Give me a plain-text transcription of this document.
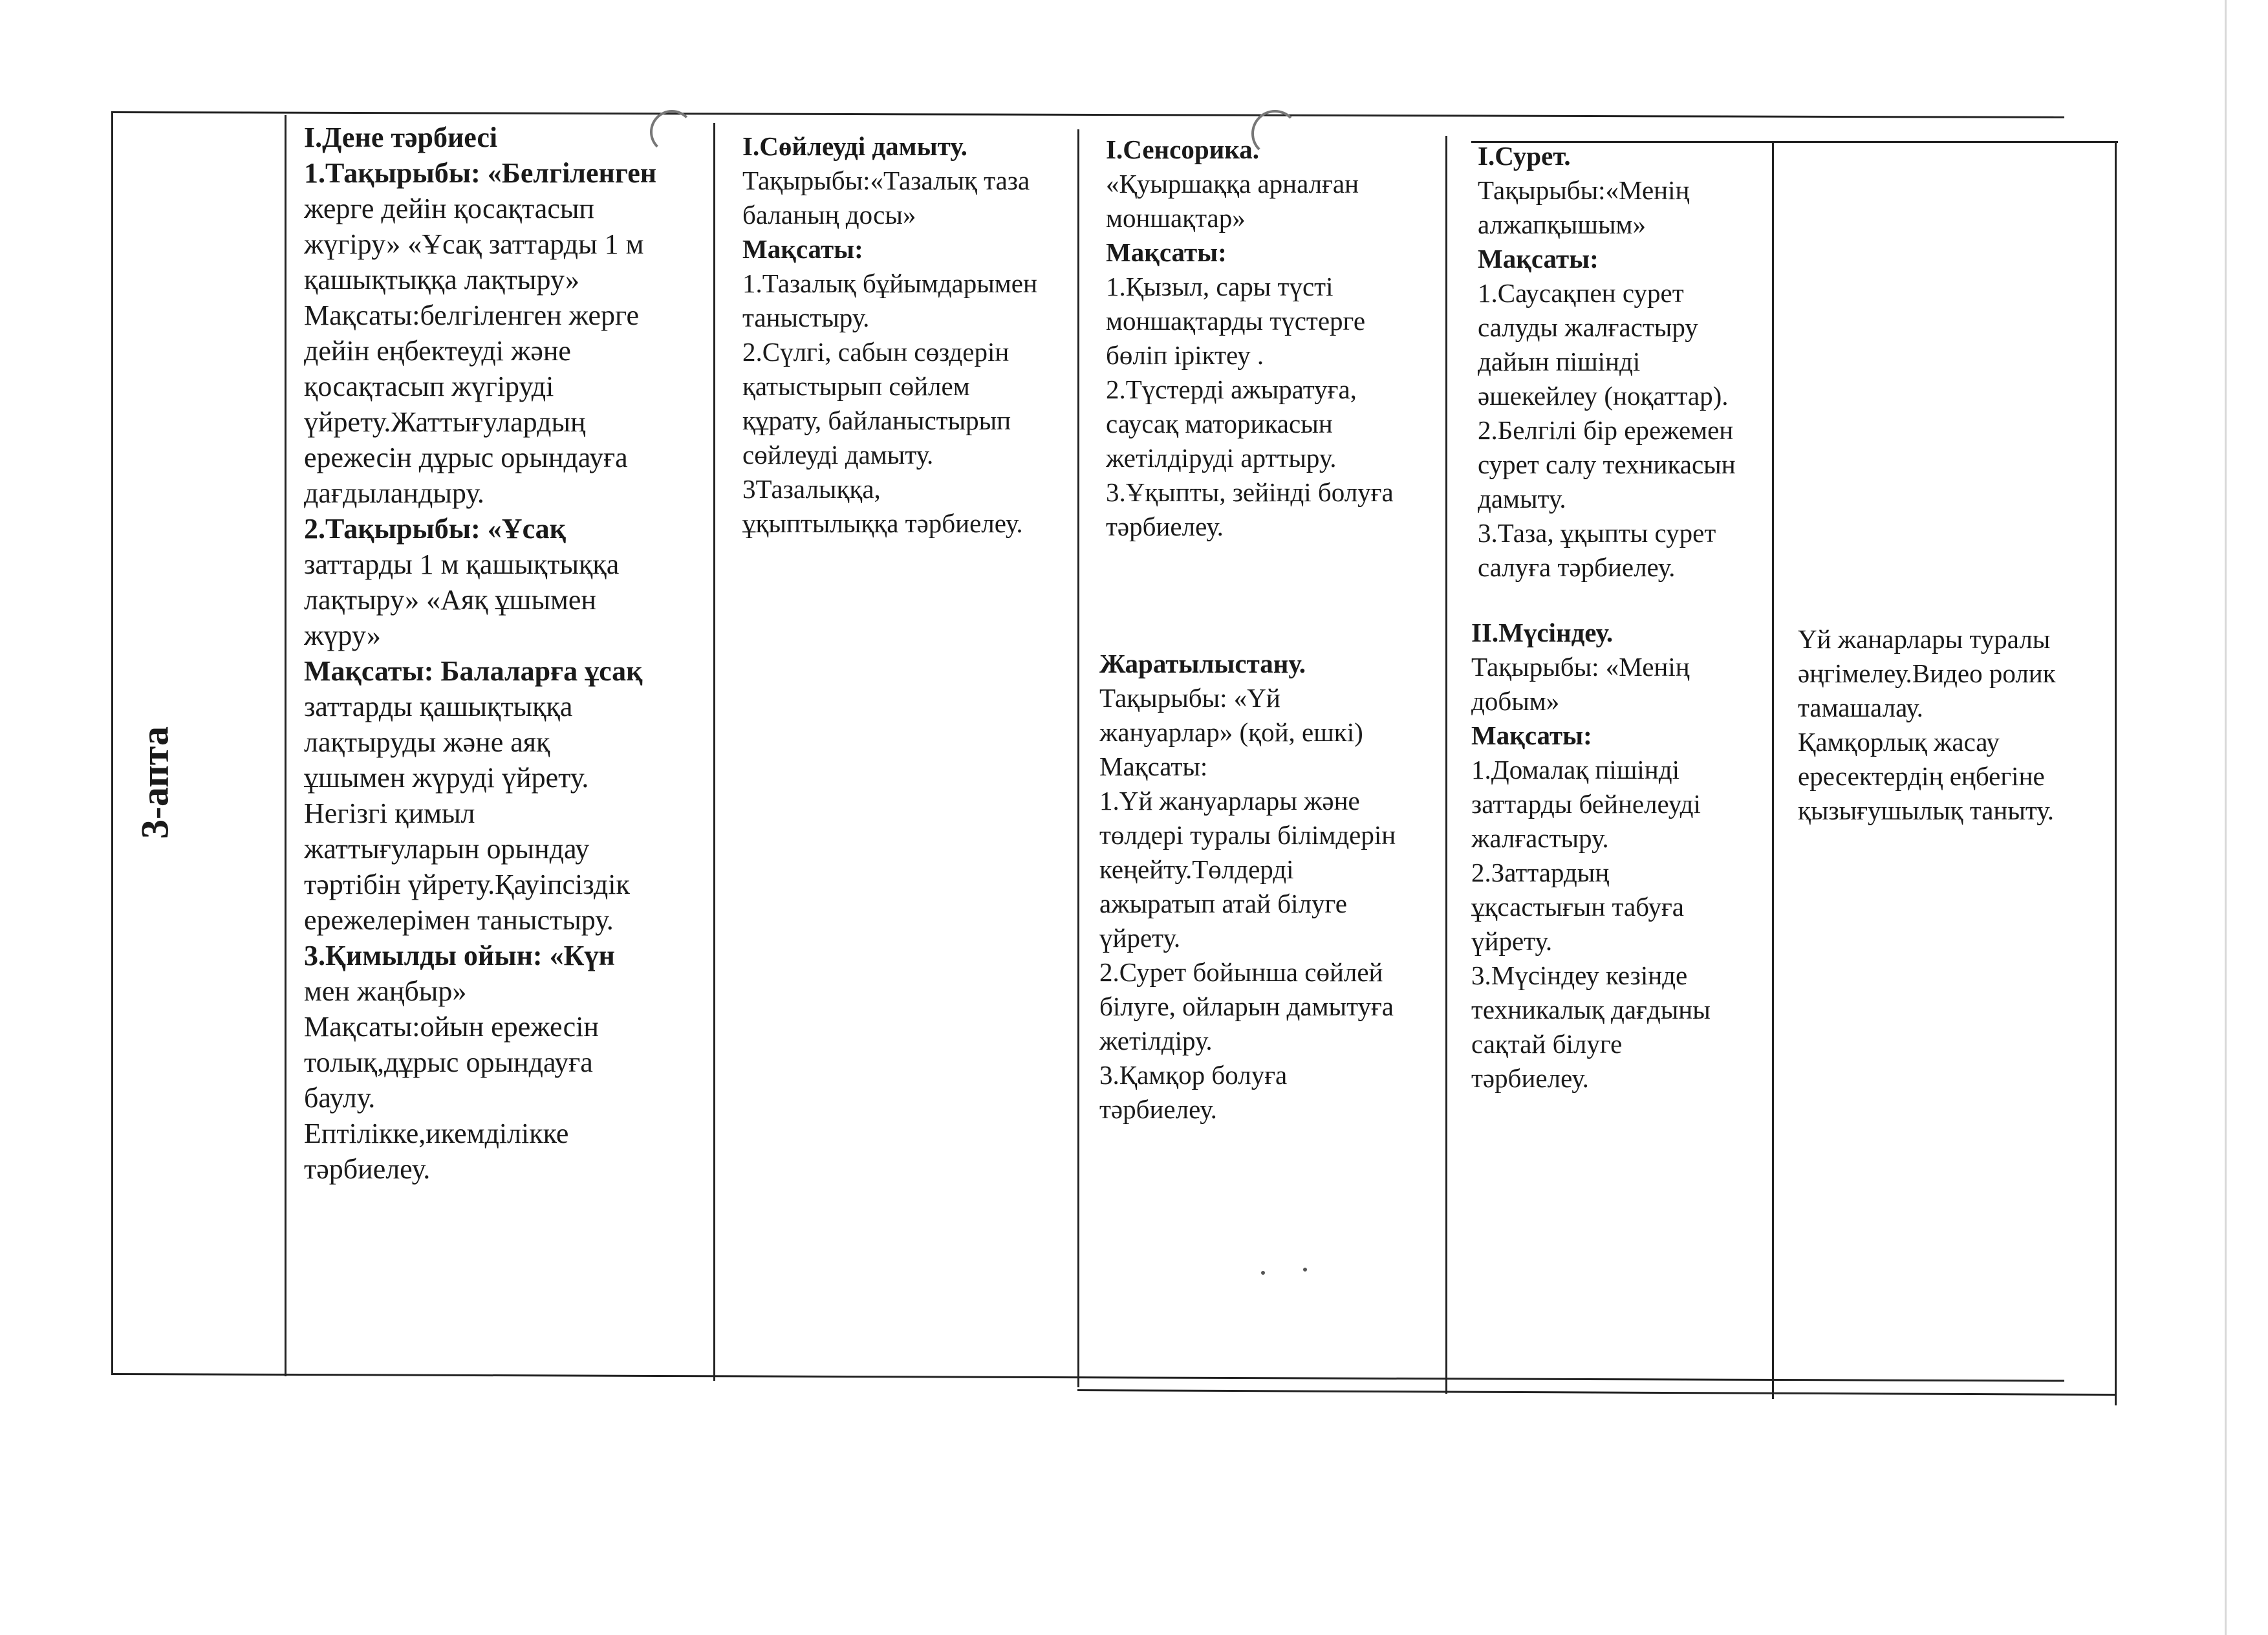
3-апта
І.Дене тәрбиесі
1.Тақырыбы: «Белгіленген
жерге дейін қосақтасып
жүгіру» «Ұсақ заттарды 1 м
қашықтыққа лақтыру»
Мақсаты:белгіленген жерге
дейін еңбектеуді және
қосақтасып жүгіруді
үйрету.Жаттығулардың
ережесін дұрыс орындауға
дағдыландыру.
2.Тақырыбы: «Ұсақ
заттарды 1 м қашықтыққа
лақтыру» «Аяқ ұшымен
жүру»
Мақсаты: Балаларға ұсақ
заттарды қашықтыққа
лақтыруды және аяқ
ұшымен жүруді үйрету.
Негізгі қимыл
жаттығуларын орындау
тәртібін үйрету.Қауіпсіздік
ережелерімен таныстыру.
3.Қимылды ойын: «Күн
мен жаңбыр»
Мақсаты:ойын ережесін
толық,дұрыс орындауға
баулу.
Ептілікке,икемділікке
тәрбиелеу.
І.Сөйлеуді дамыту.
Тақырыбы:«Тазалық таза
баланың досы»
Мақсаты:
1.Тазалық бұйымдарымен
таныстыру.
2.Сүлгі, сабын сөздерін
қатыстырып сөйлем
құрату, байланыстырып
сөйлеуді дамыту.
3Тазалыққа,
ұқыптылыққа тәрбиелеу.
І.Сенсорика.
«Қуыршаққа арналған
моншақтар»
Мақсаты:
1.Қызыл, сары түсті
моншақтарды түстерге
бөліп іріктеу .
2.Түстерді ажыратуға,
саусақ маторикасын
жетілдіруді арттыру.
3.Ұқыпты, зейінді болуға
тәрбиелеу.
Жаратылыстану.
Тақырыбы: «Үй
жануарлар» (қой, ешкі)
Мақсаты:
1.Үй жануарлары және
төлдері туралы білімдерін
кеңейту.Төлдерді
ажыратып атай білуге
үйрету.
2.Сурет бойынша сөйлей
білуге, ойларын дамытуға
жетілдіру.
3.Қамқор болуға
тәрбиелеу.
І.Сурет.
Тақырыбы:«Менің
алжапқышым»
Мақсаты:
1.Саусақпен сурет
салуды жалғастыру
дайын пішінді
әшекейлеу (ноқаттар).
2.Белгілі бір ережемен
сурет салу техникасын
дамыту.
3.Таза, ұқыпты сурет
салуға тәрбиелеу.
ІІ.Мүсіндеу.
Тақырыбы: «Менің
добым»
Мақсаты:
1.Домалақ пішінді
заттарды бейнелеуді
жалғастыру.
2.Заттардың
ұқсастығын табуға
үйрету.
3.Мүсіндеу кезінде
техникалық дағдыны
сақтай білуге
тәрбиелеу.
Үй жанарлары туралы
әңгімелеу.Видео ролик
тамашалау.
Қамқорлық жасау
ересектердің еңбегіне
қызығушылық таныту.
